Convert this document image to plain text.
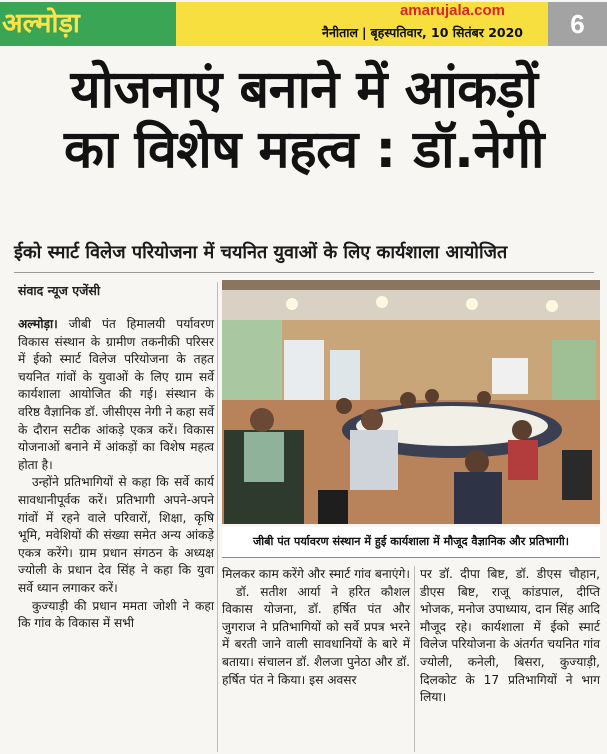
अल्मोड़ा	amarujala.com
नैनीताल | बृहस्पतिवार, 10 सितंबर 2020	6
योजनाएं बनाने में आंकड़ों
का विशेष महत्व : डॉ.नेगी
ईको स्मार्ट विलेज परियोजना में चयनित युवाओं के लिए कार्यशाला आयोजित
संवाद न्यूज एजेंसी
जीबी पंत पर्यावरण संस्थान में हुई कार्यशाला में मौजूद वैज्ञानिक और प्रतिभागी।

अल्मोड़ा। जीबी पंत हिमालयी पर्यावरण विकास संस्थान के ग्रामीण तकनीकी परिसर में ईको स्मार्ट विलेज परियोजना के तहत चयनित गांवों के युवाओं के लिए ग्राम सर्वे कार्यशाला आयोजित की गई। संस्थान के वरिष्ठ वैज्ञानिक डॉ. जीसीएस नेगी ने कहा सर्वे के दौरान सटीक आंकड़े एकत्र करें। विकास योजनाओं बनाने में आंकड़ों का विशेष महत्व होता है।

उन्होंने प्रतिभागियों से कहा कि सर्वे कार्य सावधानीपूर्वक करें। प्रतिभागी अपने-अपने गांवों में रहने वाले परिवारों, शिक्षा, कृषि भूमि, मवेशियों की संख्या समेत अन्य आंकड़े एकत्र करेंगे। ग्राम प्रधान संगठन के अध्यक्ष ज्योली के प्रधान देव सिंह ने कहा कि युवा सर्वे ध्यान लगाकर करें।

कुज्याड़ी की प्रधान ममता जोशी ने कहा कि गांव के विकास में सभी

मिलकर काम करेंगे और स्मार्ट गांव बनाएंगे।

डॉ. सतीश आर्या ने हरित कौशल विकास योजना, डॉ. हर्षित पंत और जुगराज ने प्रतिभागियों को सर्वे प्रपत्र भरने में बरती जाने वाली सावधानियों के बारे में बताया। संचालन डॉ. शैलजा पुनेठा और डॉ. हर्षित पंत ने किया। इस अवसर

पर डॉ. दीपा बिष्ट, डॉ. डीएस चौहान, डीएस बिष्ट, राजू कांडपाल, दीप्ति भोजक, मनोज उपाध्याय, दान सिंह आदि मौजूद रहे। कार्यशाला में ईको स्मार्ट विलेज परियोजना के अंतर्गत चयनित गांव ज्योली, कनेली, बिसरा, कुज्याड़ी, दिलकोट के 17 प्रतिभागियों ने भाग लिया।
